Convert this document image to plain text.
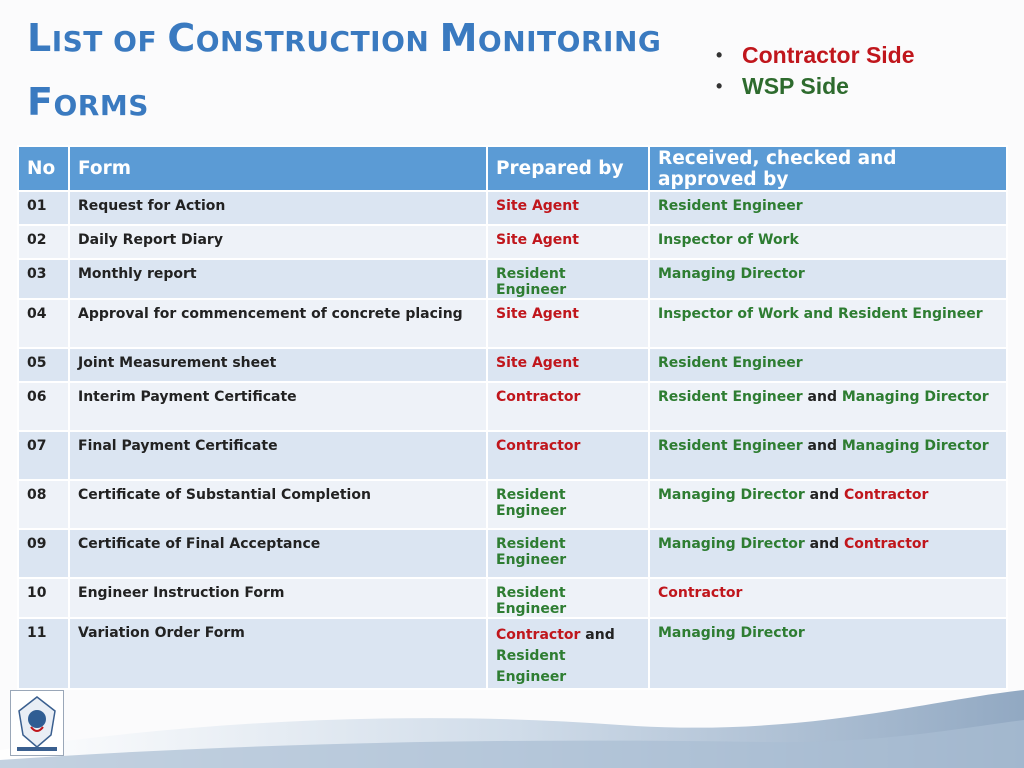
LIST OF CONSTRUCTION MONITORING
FORMS
• Contractor Side
• WSP Side
No	Form	Prepared by	Received, checked and approved by
01	Request for Action	Site Agent	Resident Engineer
02	Daily Report Diary	Site Agent	Inspector of Work
03	Monthly report	Resident Engineer	Managing Director
04	Approval for commencement of concrete placing	Site Agent	Inspector of Work and Resident Engineer
05	Joint Measurement sheet	Site Agent	Resident Engineer
06	Interim Payment Certificate	Contractor	Resident Engineer and Managing Director
07	Final Payment Certificate	Contractor	Resident Engineer and Managing Director
08	Certificate of Substantial Completion	Resident Engineer	Managing Director and Contractor
09	Certificate of Final Acceptance	Resident Engineer	Managing Director and Contractor
10	Engineer Instruction Form	Resident Engineer	Contractor
11	Variation Order Form	Contractor and Resident Engineer	Managing Director
